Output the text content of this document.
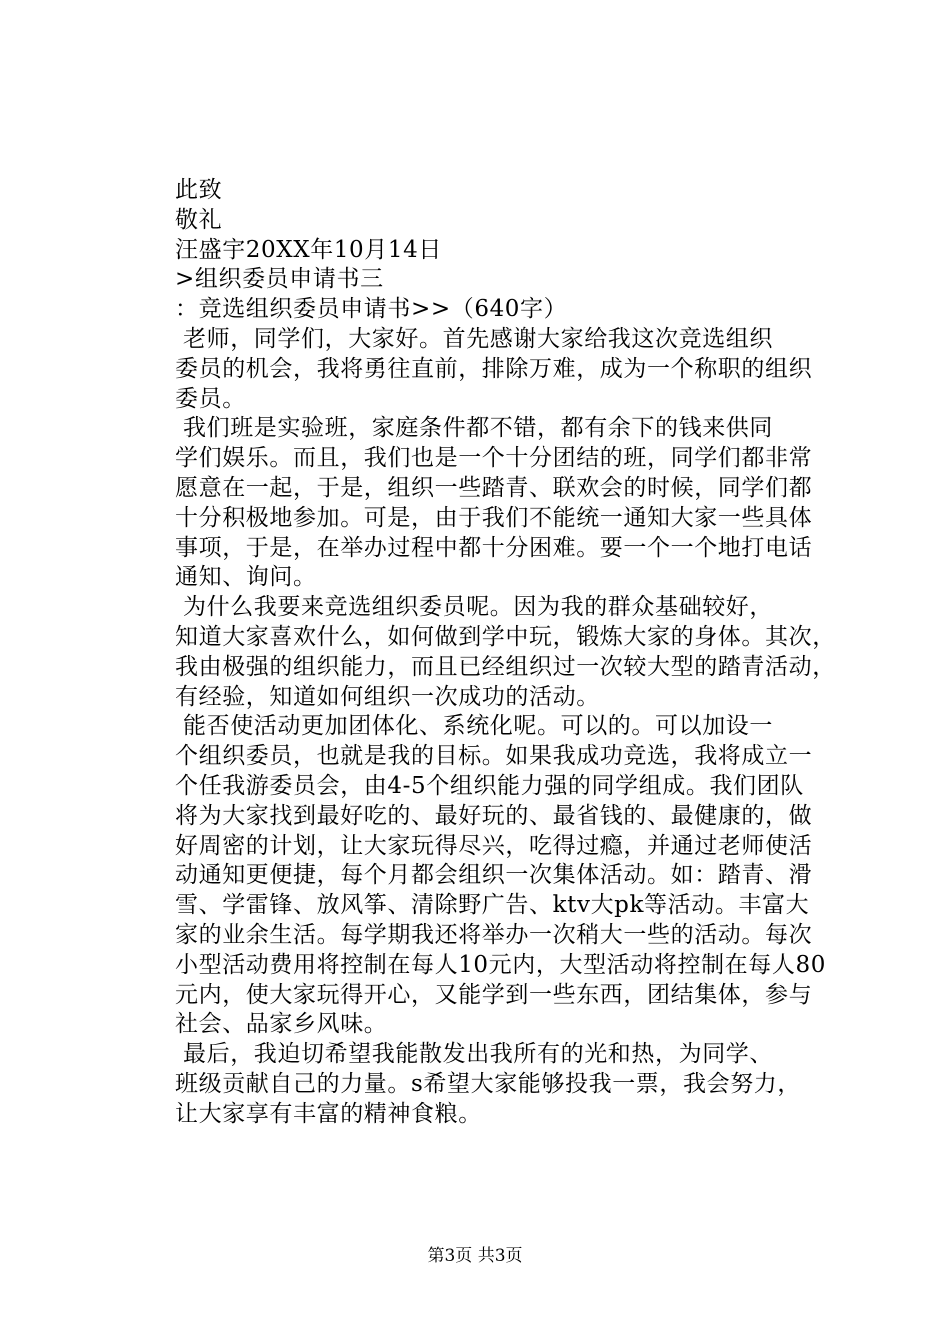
此致
敬礼
汪盛宇20XX年10月14日
>组织委员申请书三
：竞选组织委员申请书>>（640字）
老师，同学们，大家好。首先感谢大家给我这次竞选组织
委员的机会，我将勇往直前，排除万难，成为一个称职的组织
委员。
我们班是实验班，家庭条件都不错，都有余下的钱来供同
学们娱乐。而且，我们也是一个十分团结的班，同学们都非常
愿意在一起，于是，组织一些踏青、联欢会的时候，同学们都
十分积极地参加。可是，由于我们不能统一通知大家一些具体
事项，于是，在举办过程中都十分困难。要一个一个地打电话
通知、询问。
为什么我要来竞选组织委员呢。因为我的群众基础较好，
知道大家喜欢什么，如何做到学中玩，锻炼大家的身体。其次，
我由极强的组织能力，而且已经组织过一次较大型的踏青活动，
有经验，知道如何组织一次成功的活动。
能否使活动更加团体化、系统化呢。可以的。可以加设一
个组织委员，也就是我的目标。如果我成功竞选，我将成立一
个任我游委员会，由4-5个组织能力强的同学组成。我们团队
将为大家找到最好吃的、最好玩的、最省钱的、最健康的，做
好周密的计划，让大家玩得尽兴，吃得过瘾，并通过老师使活
动通知更便捷，每个月都会组织一次集体活动。如：踏青、滑
雪、学雷锋、放风筝、清除野广告、ktv大pk等活动。丰富大
家的业余生活。每学期我还将举办一次稍大一些的活动。每次
小型活动费用将控制在每人10元内，大型活动将控制在每人80
元内，使大家玩得开心，又能学到一些东西，团结集体，参与
社会、品家乡风味。
最后，我迫切希望我能散发出我所有的光和热，为同学、
班级贡献自己的力量。s希望大家能够投我一票，我会努力，
让大家享有丰富的精神食粮。
第3页 共3页
